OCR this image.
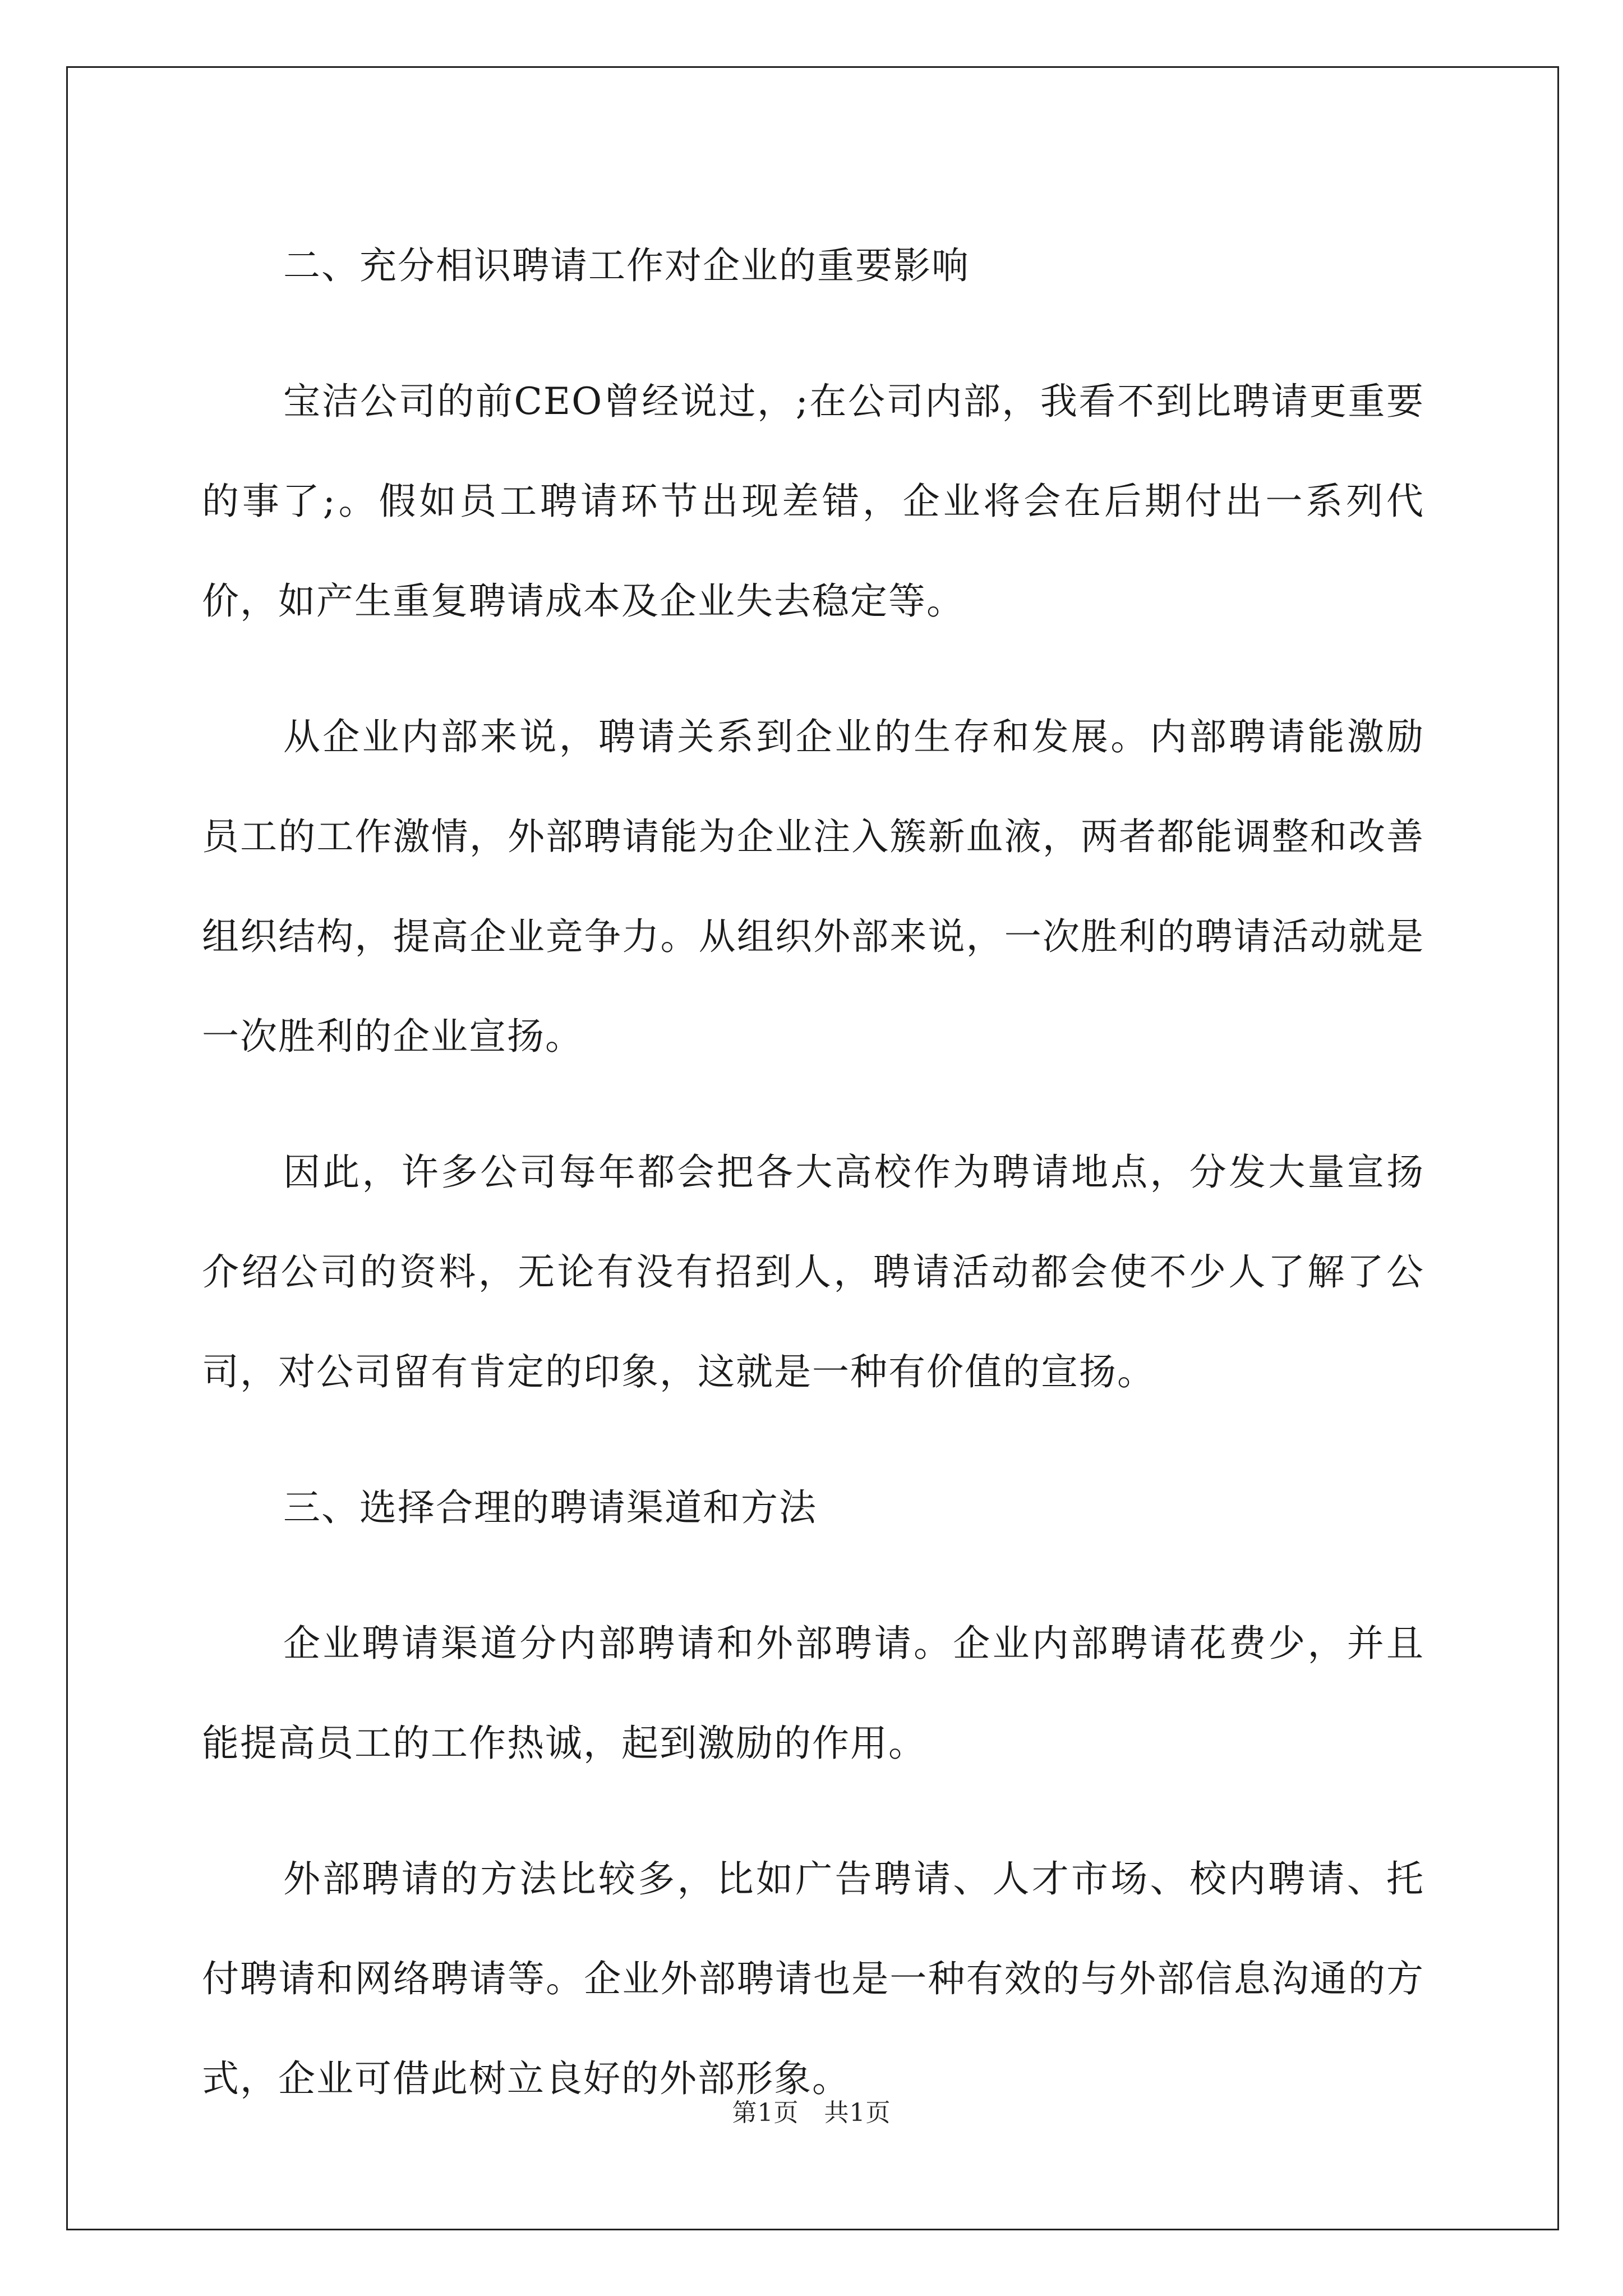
二、充分相识聘请工作对企业的重要影响

宝洁公司的前CEO曾经说过，;在公司内部，我看不到比聘请更重要的事了;。假如员工聘请环节出现差错，企业将会在后期付出一系列代价，如产生重复聘请成本及企业失去稳定等。

从企业内部来说，聘请关系到企业的生存和发展。内部聘请能激励员工的工作激情，外部聘请能为企业注入簇新血液，两者都能调整和改善组织结构，提高企业竞争力。从组织外部来说，一次胜利的聘请活动就是一次胜利的企业宣扬。

因此，许多公司每年都会把各大高校作为聘请地点，分发大量宣扬介绍公司的资料，无论有没有招到人，聘请活动都会使不少人了解了公司，对公司留有肯定的印象，这就是一种有价值的宣扬。

三、选择合理的聘请渠道和方法

企业聘请渠道分内部聘请和外部聘请。企业内部聘请花费少，并且能提高员工的工作热诚，起到激励的作用。

外部聘请的方法比较多，比如广告聘请、人才市场、校内聘请、托付聘请和网络聘请等。企业外部聘请也是一种有效的与外部信息沟通的方式，企业可借此树立良好的外部形象。

第1页　共1页
